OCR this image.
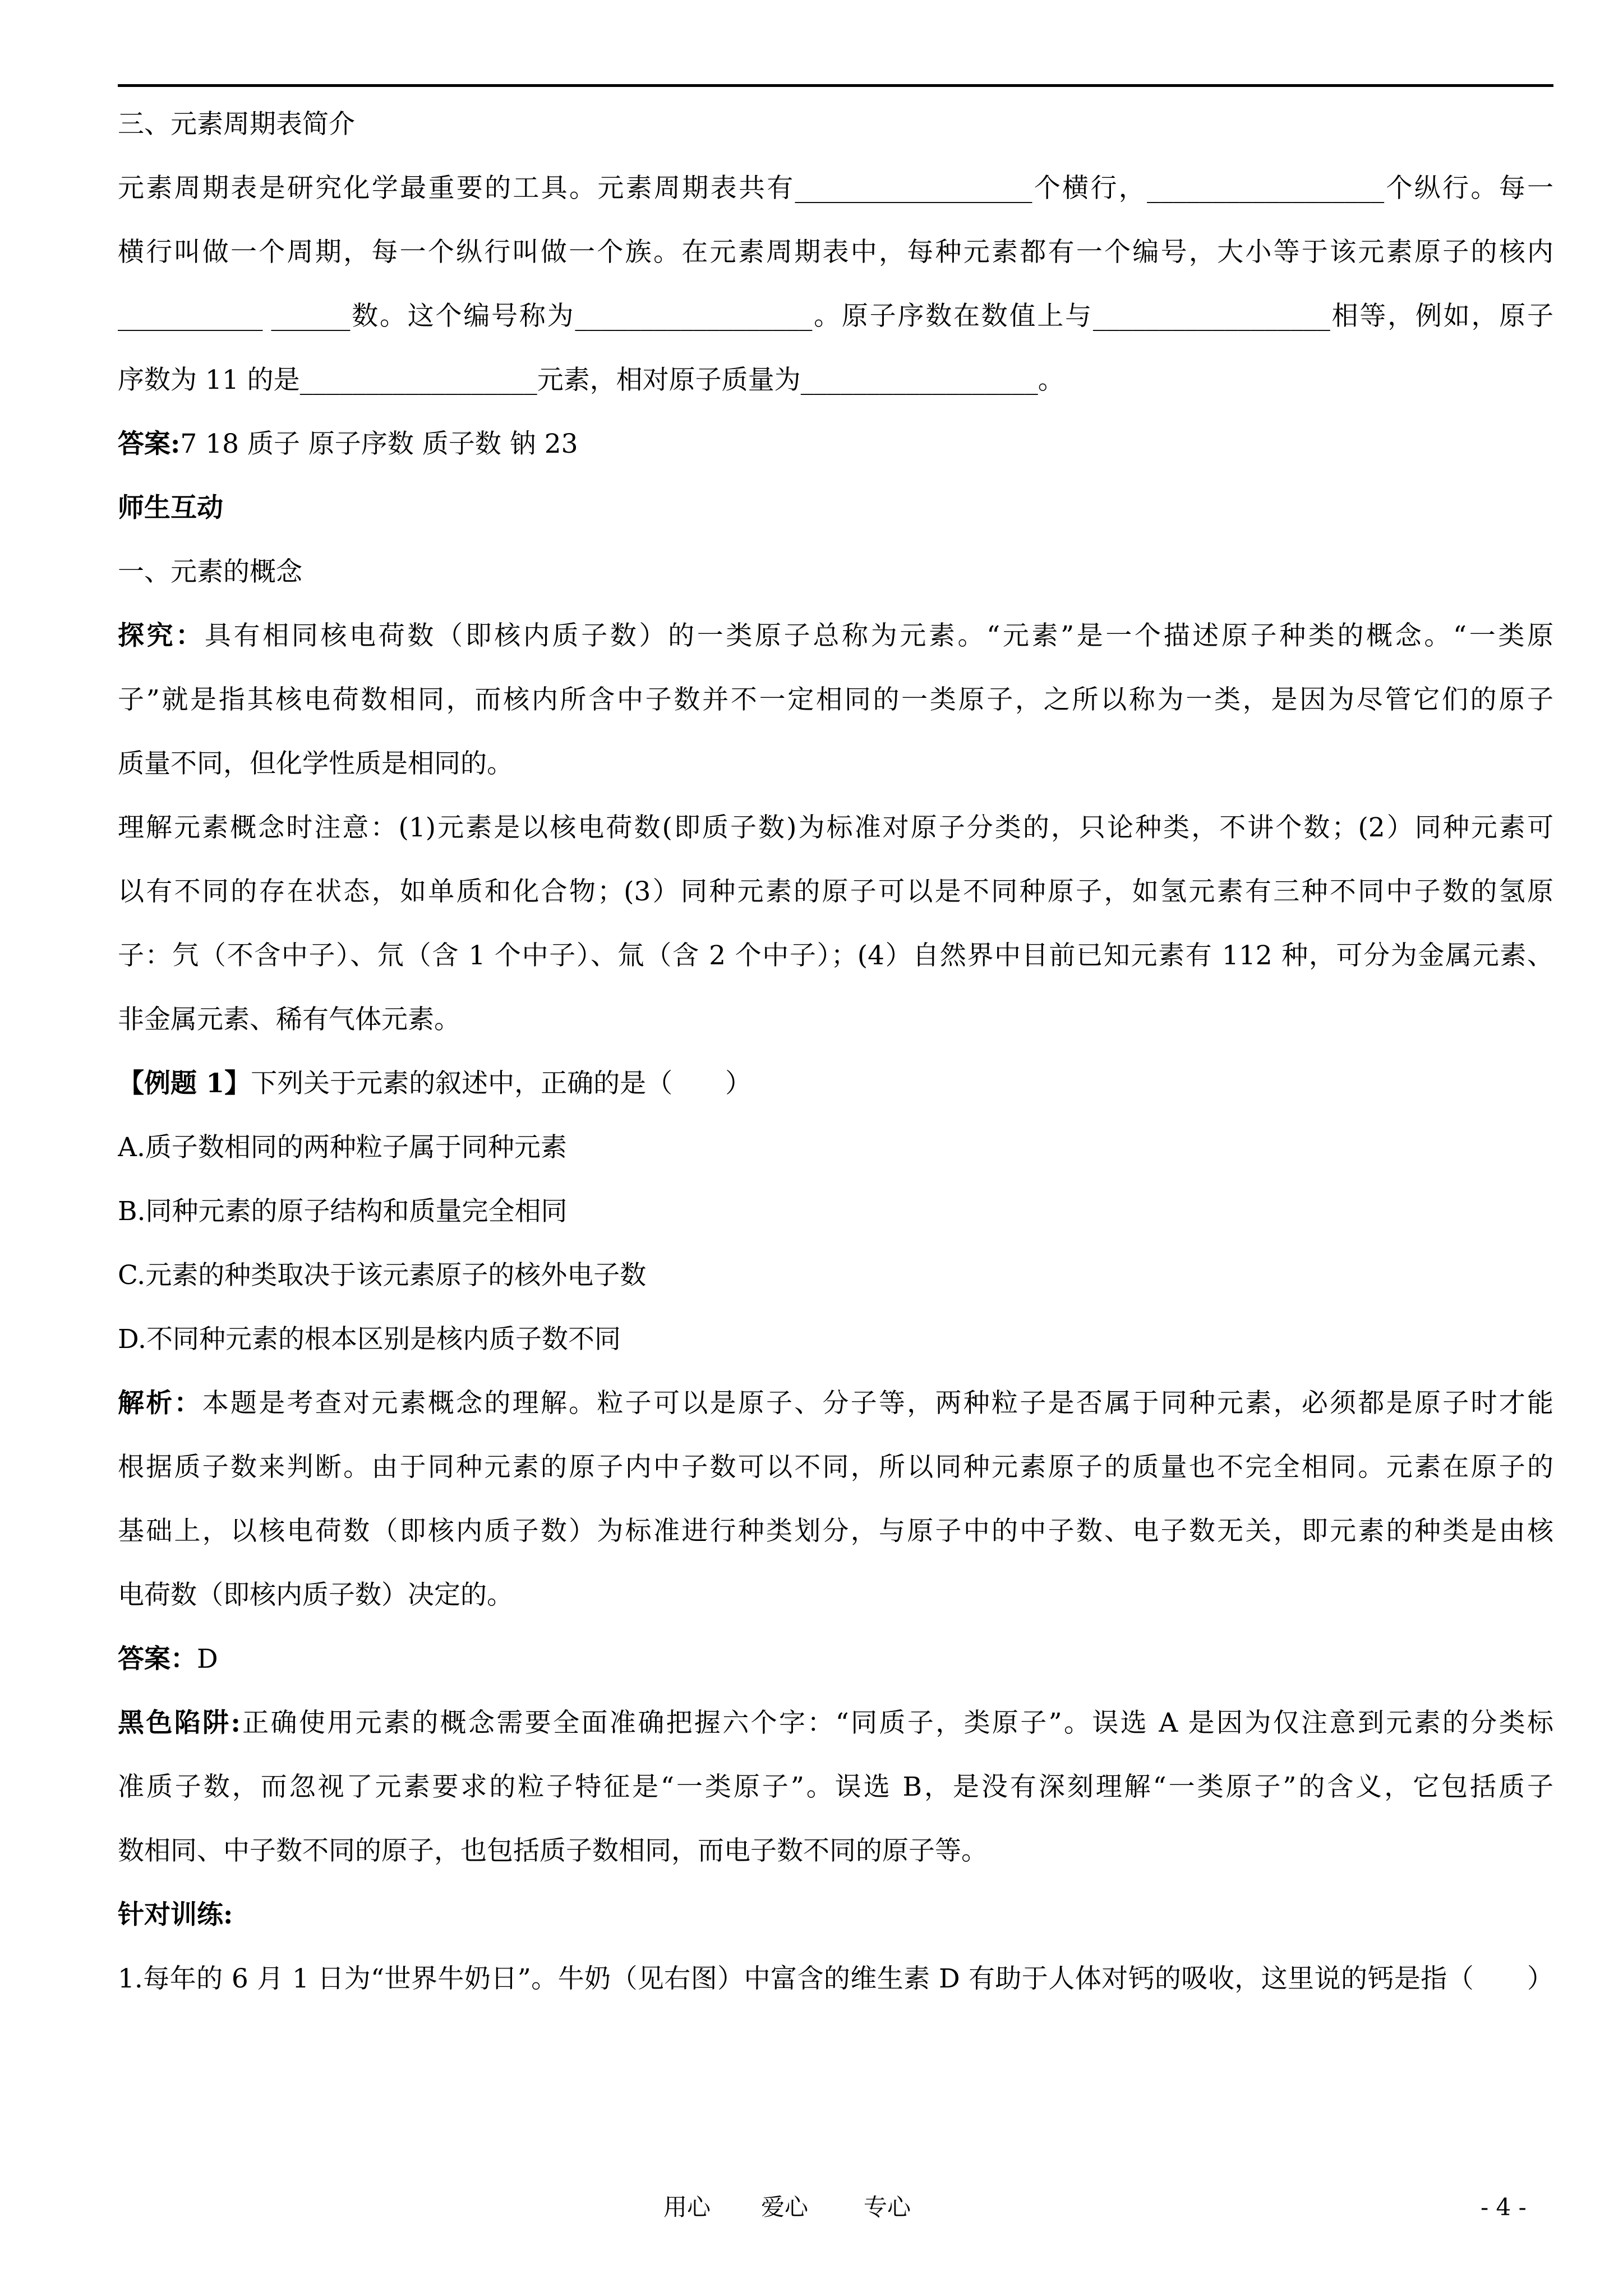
三、元素周期表简介
元素周期表是研究化学最重要的工具。元素周期表共有__________________个横行，__________________个纵行。每一
横行叫做一个周期，每一个纵行叫做一个族。在元素周期表中，每种元素都有一个编号，大小等于该元素原子的核内
___________ ______数。这个编号称为__________________。原子序数在数值上与__________________相等，例如，原子
序数为 11 的是__________________元素，相对原子质量为__________________。
答案:7 18 质子 原子序数 质子数 钠 23
师生互动
一、元素的概念
探究：具有相同核电荷数（即核内质子数）的一类原子总称为元素。“元素”是一个描述原子种类的概念。“一类原
子”就是指其核电荷数相同，而核内所含中子数并不一定相同的一类原子，之所以称为一类，是因为尽管它们的原子
质量不同，但化学性质是相同的。
理解元素概念时注意：(1)元素是以核电荷数(即质子数)为标准对原子分类的，只论种类，不讲个数；(2）同种元素可
以有不同的存在状态，如单质和化合物；(3）同种元素的原子可以是不同种原子，如氢元素有三种不同中子数的氢原
子：氕（不含中子）、氘（含 1 个中子）、氚（含 2 个中子）；(4）自然界中目前已知元素有 112 种，可分为金属元素、
非金属元素、稀有气体元素。
【例题 1】下列关于元素的叙述中，正确的是（　　）
A.质子数相同的两种粒子属于同种元素
B.同种元素的原子结构和质量完全相同
C.元素的种类取决于该元素原子的核外电子数
D.不同种元素的根本区别是核内质子数不同
解析：本题是考查对元素概念的理解。粒子可以是原子、分子等，两种粒子是否属于同种元素，必须都是原子时才能
根据质子数来判断。由于同种元素的原子内中子数可以不同，所以同种元素原子的质量也不完全相同。元素在原子的
基础上，以核电荷数（即核内质子数）为标准进行种类划分，与原子中的中子数、电子数无关，即元素的种类是由核
电荷数（即核内质子数）决定的。
答案：D
黑色陷阱:正确使用元素的概念需要全面准确把握六个字：“同质子，类原子”。误选 A 是因为仅注意到元素的分类标
准质子数，而忽视了元素要求的粒子特征是“一类原子”。误选 B，是没有深刻理解“一类原子”的含义，它包括质子
数相同、中子数不同的原子，也包括质子数相同，而电子数不同的原子等。
针对训练:
1.每年的 6 月 1 日为“世界牛奶日”。牛奶（见右图）中富含的维生素 D 有助于人体对钙的吸收，这里说的钙是指（　　）
用心 爱心 专心	- 4 -
